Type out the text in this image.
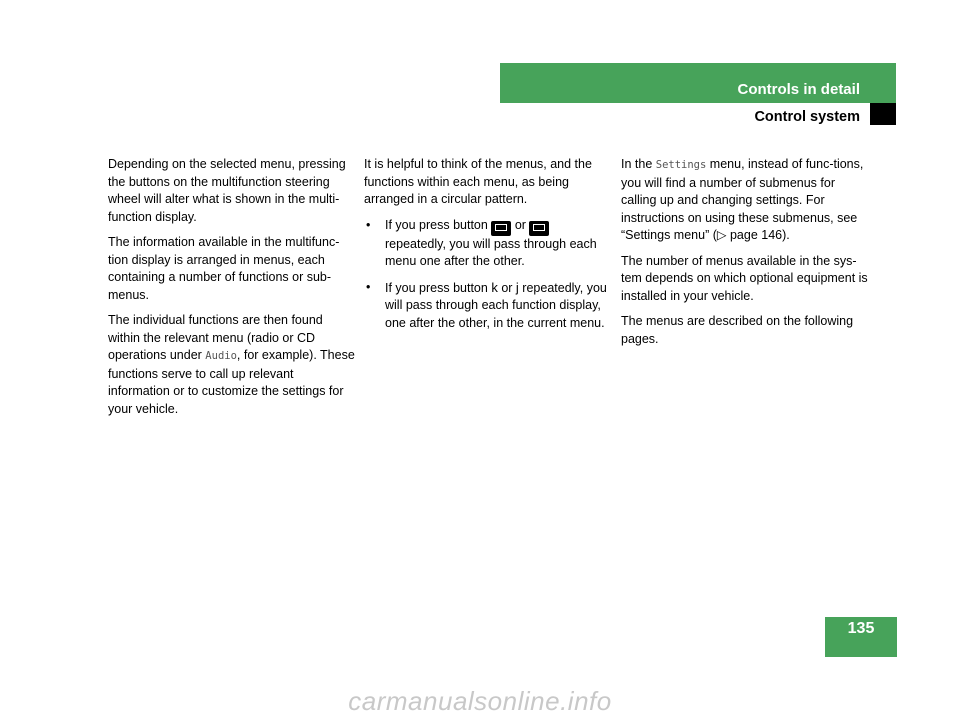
Controls in detail
Control system

Depending on the selected menu, pressing the buttons on the multifunction steering wheel will alter what is shown in the multi-function display.

The information available in the multifunc-tion display is arranged in menus, each containing a number of functions or sub-menus.

The individual functions are then found within the relevant menu (radio or CD operations under Audio, for example). These functions serve to call up relevant information or to customize the settings for your vehicle.

It is helpful to think of the menus, and the functions within each menu, as being arranged in a circular pattern.

• If you press button or  repeatedly, you will pass through each menu one after the other.
• If you press button k or j repeatedly, you will pass through each function display, one after the other, in the current menu.

In the Settings menu, instead of func-tions, you will find a number of submenus for calling up and changing settings. For instructions on using these submenus, see “Settings menu” (▷ page 146).

The number of menus available in the sys-tem depends on which optional equipment is installed in your vehicle.

The menus are described on the following pages.

135
carmanualsonline.info
